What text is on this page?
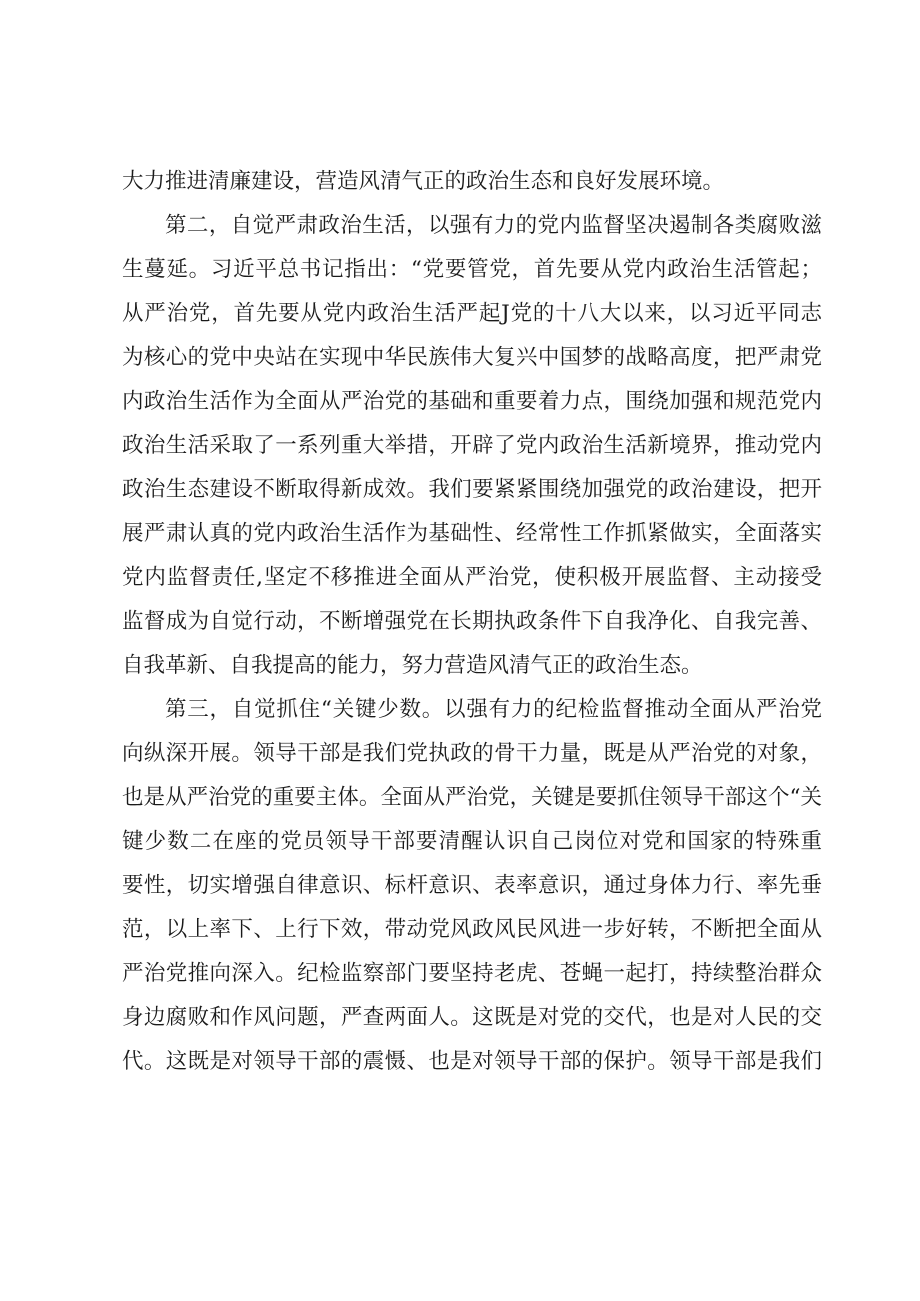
大力推进清廉建设，营造风清气正的政治生态和良好发展环境。
第二，自觉严肃政治生活，以强有力的党内监督坚决遏制各类腐败滋
生蔓延。习近平总书记指出：“党要管党，首先要从党内政治生活管起；
从严治党，首先要从党内政治生活严起J党的十八大以来，以习近平同志
为核心的党中央站在实现中华民族伟大复兴中国梦的战略高度，把严肃党
内政治生活作为全面从严治党的基础和重要着力点，围绕加强和规范党内
政治生活采取了一系列重大举措，开辟了党内政治生活新境界，推动党内
政治生态建设不断取得新成效。我们要紧紧围绕加强党的政治建设，把开
展严肃认真的党内政治生活作为基础性、经常性工作抓紧做实，全面落实
党内监督责任,坚定不移推进全面从严治党，使积极开展监督、主动接受
监督成为自觉行动，不断增强党在长期执政条件下自我净化、自我完善、
自我革新、自我提高的能力，努力营造风清气正的政治生态。
第三，自觉抓住“关键少数。以强有力的纪检监督推动全面从严治党
向纵深开展。领导干部是我们党执政的骨干力量，既是从严治党的对象，
也是从严治党的重要主体。全面从严治党，关键是要抓住领导干部这个“关
键少数二在座的党员领导干部要清醒认识自己岗位对党和国家的特殊重
要性，切实增强自律意识、标杆意识、表率意识，通过身体力行、率先垂
范，以上率下、上行下效，带动党风政风民风进一步好转，不断把全面从
严治党推向深入。纪检监察部门要坚持老虎、苍蝇一起打，持续整治群众
身边腐败和作风问题，严查两面人。这既是对党的交代，也是对人民的交
代。这既是对领导干部的震慑、也是对领导干部的保护。领导干部是我们
